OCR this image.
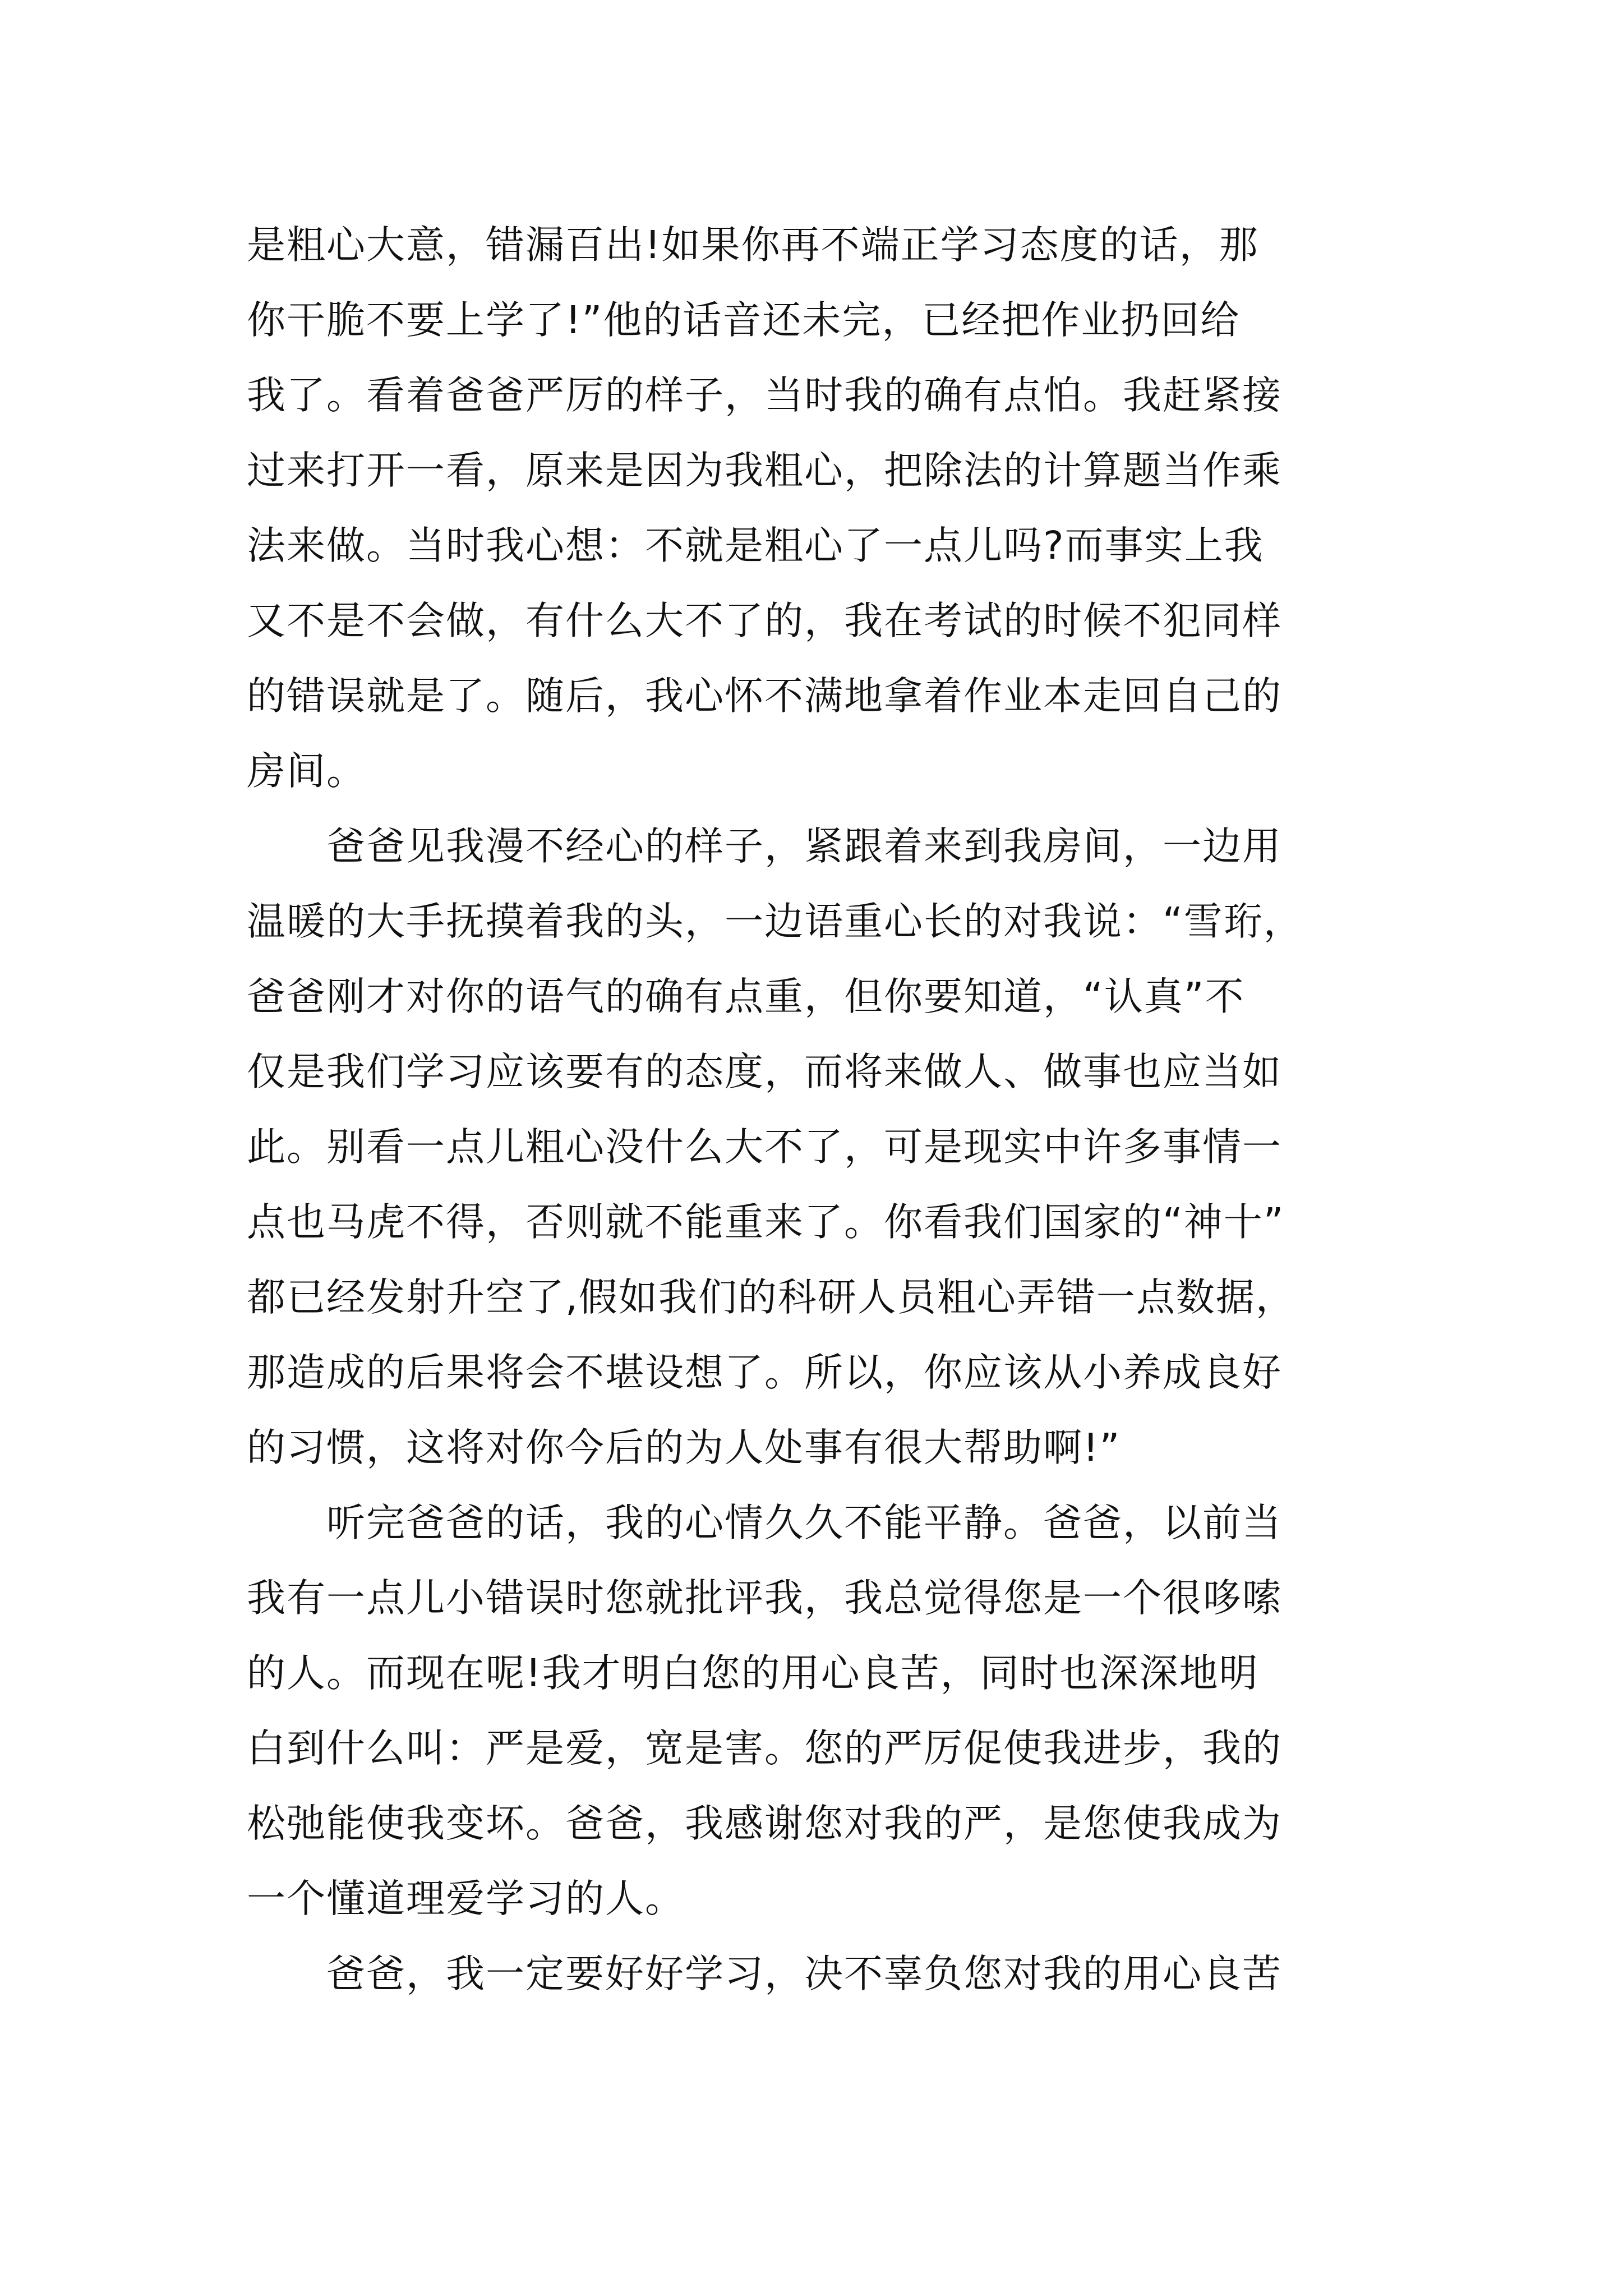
是粗心大意，错漏百出!如果你再不端正学习态度的话，那
你干脆不要上学了!”他的话音还未完，已经把作业扔回给
我了。看着爸爸严厉的样子，当时我的确有点怕。我赶紧接
过来打开一看，原来是因为我粗心，把除法的计算题当作乘
法来做。当时我心想：不就是粗心了一点儿吗?而事实上我
又不是不会做，有什么大不了的，我在考试的时候不犯同样
的错误就是了。随后，我心怀不满地拿着作业本走回自己的
房间。
　　爸爸见我漫不经心的样子，紧跟着来到我房间，一边用
温暖的大手抚摸着我的头，一边语重心长的对我说：“雪珩，
爸爸刚才对你的语气的确有点重，但你要知道，“认真”不
仅是我们学习应该要有的态度，而将来做人、做事也应当如
此。别看一点儿粗心没什么大不了，可是现实中许多事情一
点也马虎不得，否则就不能重来了。你看我们国家的“神十”
都已经发射升空了,假如我们的科研人员粗心弄错一点数据，
那造成的后果将会不堪设想了。所以，你应该从小养成良好
的习惯，这将对你今后的为人处事有很大帮助啊!”
　　听完爸爸的话，我的心情久久不能平静。爸爸，以前当
我有一点儿小错误时您就批评我，我总觉得您是一个很哆嗦
的人。而现在呢!我才明白您的用心良苦，同时也深深地明
白到什么叫：严是爱，宽是害。您的严厉促使我进步，我的
松弛能使我变坏。爸爸，我感谢您对我的严，是您使我成为
一个懂道理爱学习的人。
　　爸爸，我一定要好好学习，决不辜负您对我的用心良苦
